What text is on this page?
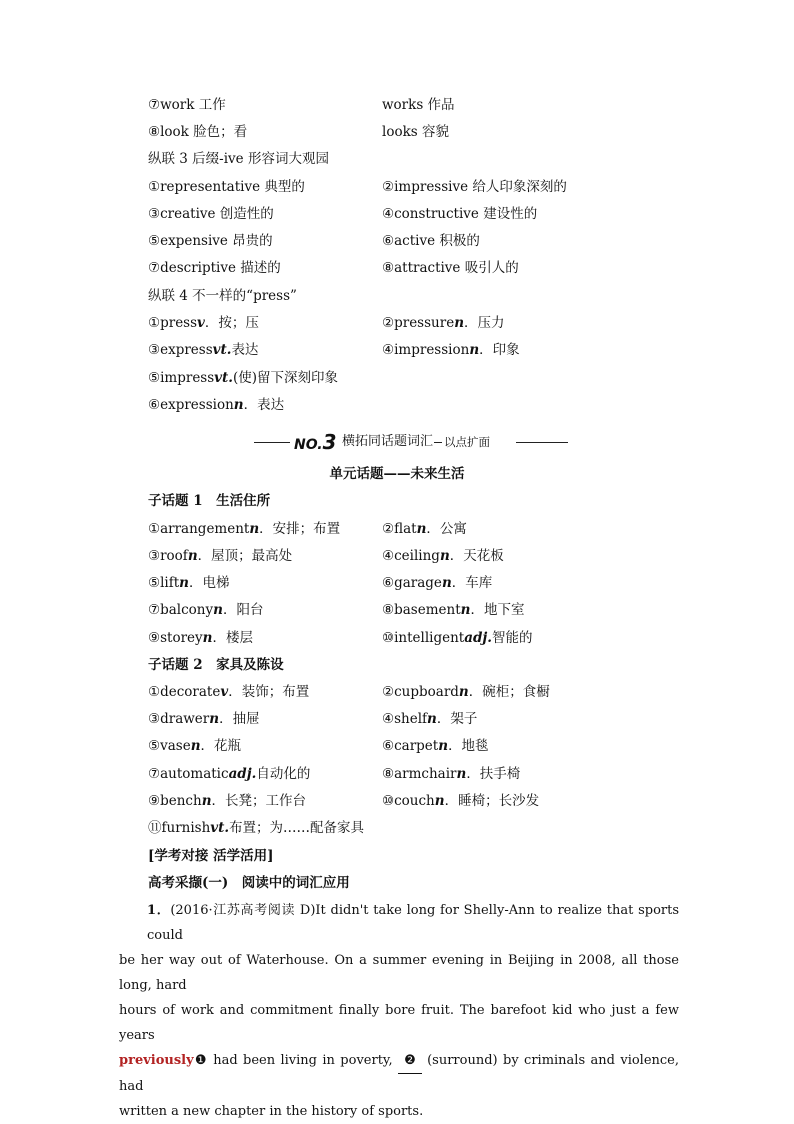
⑦work 工作	works 作品
⑧look 脸色；看	looks 容貌
纵联 3 后缀-ive 形容词大观园
①representative 典型的	②impressive 给人印象深刻的
③creative 创造性的	④constructive 建设性的
⑤expensive 昂贵的	⑥active 积极的
⑦descriptive 描述的	⑧attractive 吸引人的
纵联 4 不一样的“press”
①pressv．按；压	②pressuren．压力
③expressvt.表达	④impressionn．印象
⑤impressvt.(使)留下深刻印象
⑥expressionn．表达
NO.3 横拓同话题词汇 以点扩面
单元话题——未来生活
子话题 1　生活住所
①arrangementn．安排；布置	②flatn．公寓
③roofn．屋顶；最高处	④ceilingn．天花板
⑤liftn．电梯	⑥garagen．车库
⑦balconyn．阳台	⑧basementn．地下室
⑨storeyn．楼层	⑩intelligentadj.智能的
子话题 2　家具及陈设
①decoratev．装饰；布置	②cupboardn．碗柜；食橱
③drawern．抽屉	④shelfn．架子
⑤vasen．花瓶	⑥carpetn．地毯
⑦automaticadj.自动化的	⑧armchairn．扶手椅
⑨benchn．长凳；工作台	⑩couchn．睡椅；长沙发
⑪furnishvt.布置；为……配备家具
[学考对接 活学活用]
高考采撷(一)　阅读中的词汇应用
1．(2016·江苏高考阅读 D)It didn't take long for Shelly-Ann to realize that sports could
be her way out of Waterhouse. On a summer evening in Beijing in 2008, all those long, hard
hours of work and commitment finally bore fruit. The barefoot kid who just a few years
previously❶ had been living in poverty, ❷ (surround) by criminals and violence, had
written a new chapter in the history of sports.
